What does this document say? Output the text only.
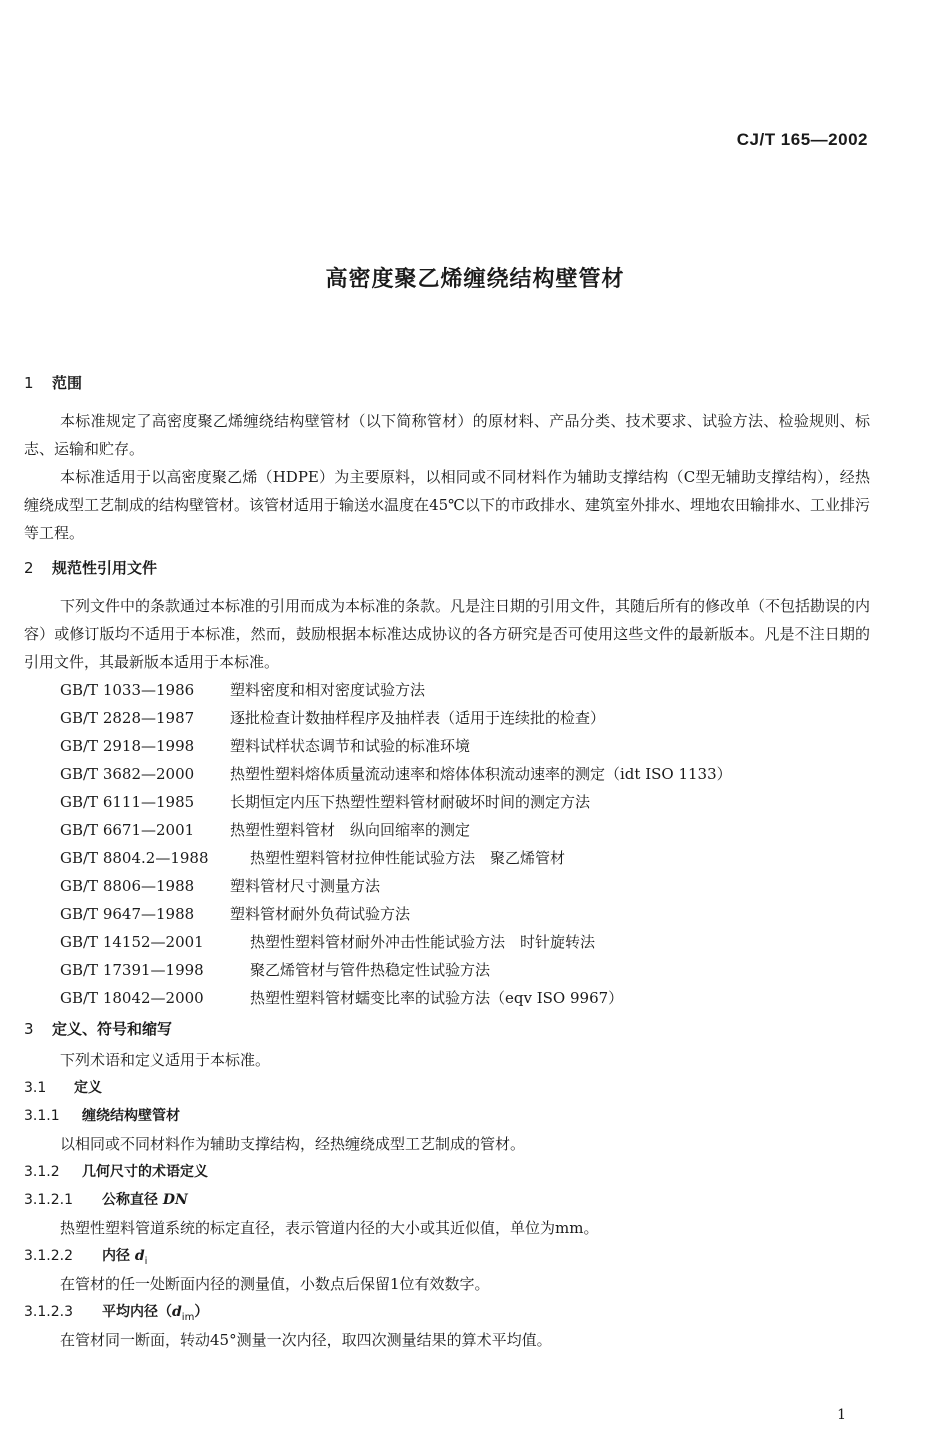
CJ/T 165—2002
高密度聚乙烯缠绕结构壁管材
1 范围

本标准规定了高密度聚乙烯缠绕结构壁管材（以下简称管材）的原材料、产品分类、技术要求、试验方法、检验规则、标志、运输和贮存。

本标准适用于以高密度聚乙烯（HDPE）为主要原料，以相同或不同材料作为辅助支撑结构（C型无辅助支撑结构），经热缠绕成型工艺制成的结构壁管材。该管材适用于输送水温度在45℃以下的市政排水、建筑室外排水、埋地农田输排水、工业排污等工程。

2 规范性引用文件

下列文件中的条款通过本标准的引用而成为本标准的条款。凡是注日期的引用文件，其随后所有的修改单（不包括勘误的内容）或修订版均不适用于本标准，然而，鼓励根据本标准达成协议的各方研究是否可使用这些文件的最新版本。凡是不注日期的引用文件，其最新版本适用于本标准。

GB/T 1033—1986 塑料密度和相对密度试验方法
GB/T 2828—1987 逐批检查计数抽样程序及抽样表（适用于连续批的检查）
GB/T 2918—1998 塑料试样状态调节和试验的标准环境
GB/T 3682—2000 热塑性塑料熔体质量流动速率和熔体体积流动速率的测定（idt ISO 1133）
GB/T 6111—1985 长期恒定内压下热塑性塑料管材耐破坏时间的测定方法
GB/T 6671—2001 热塑性塑料管材　纵向回缩率的测定
GB/T 8804.2—1988	热塑性塑料管材拉伸性能试验方法　聚乙烯管材
GB/T 8806—1988 塑料管材尺寸测量方法
GB/T 9647—1988 塑料管材耐外负荷试验方法
GB/T 14152—2001	热塑性塑料管材耐外冲击性能试验方法　时针旋转法
GB/T 17391—1998	聚乙烯管材与管件热稳定性试验方法
GB/T 18042—2000	热塑性塑料管材蠕变比率的试验方法（eqv ISO 9967）
3 定义、符号和缩写

下列术语和定义适用于本标准。

3.1 定义
3.1.1 缠绕结构壁管材

以相同或不同材料作为辅助支撑结构，经热缠绕成型工艺制成的管材。

3.1.2 几何尺寸的术语定义
3.1.2.1 公称直径 DN

热塑性塑料管道系统的标定直径，表示管道内径的大小或其近似值，单位为mm。

3.1.2.2 内径 $d_i$

在管材的任一处断面内径的测量值，小数点后保留1位有效数字。

3.1.2.3 平均内径$(d_{im})$

在管材同一断面，转动45°测量一次内径，取四次测量结果的算术平均值。

1
